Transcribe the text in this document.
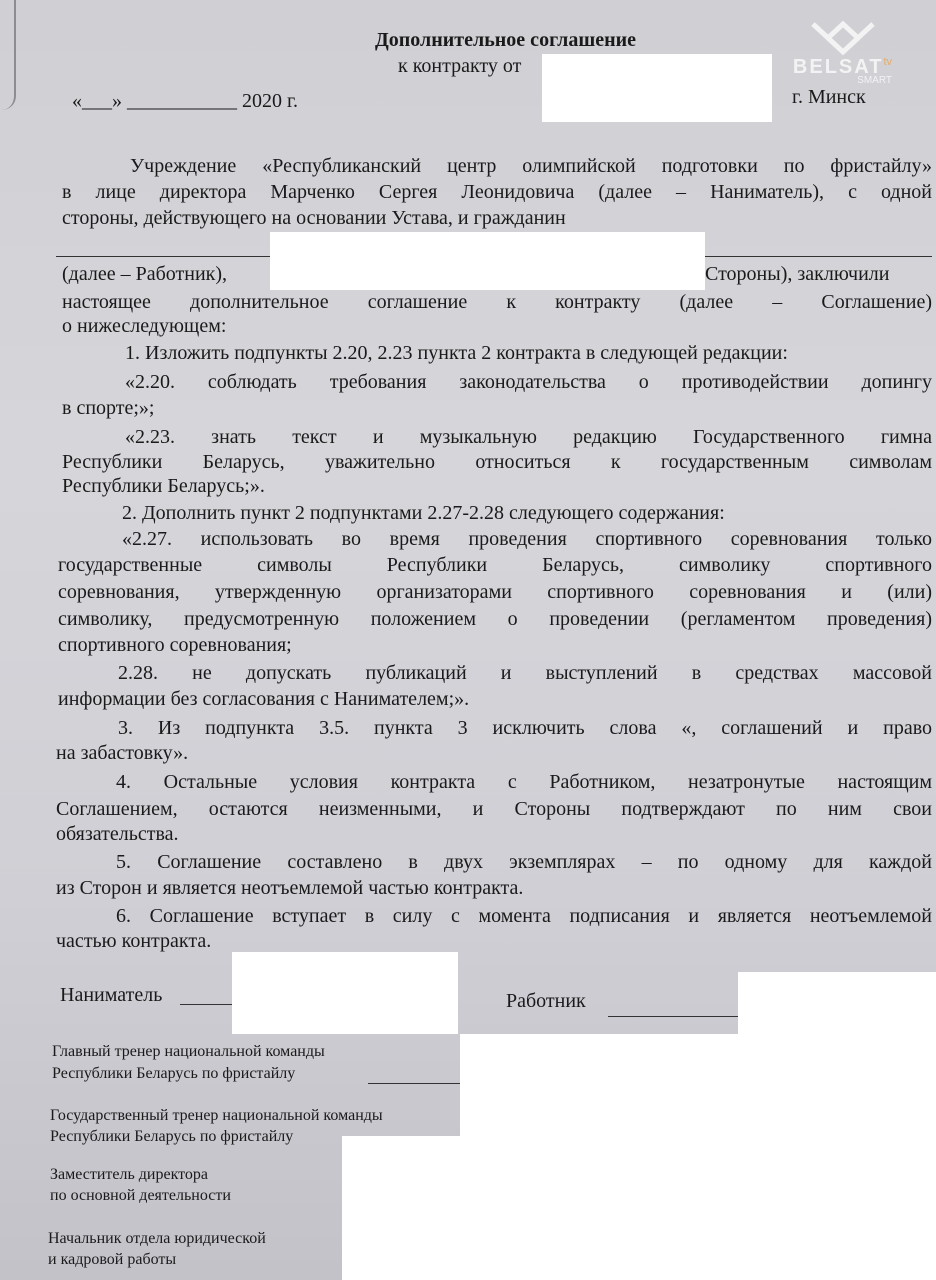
$BELSAT^{tv}$
SMART
Дополнительное соглашение
к контракту от
«___» ___________ 2020 г.	г. Минск
Учреждение «Республиканский центр олимпийской подготовки по фристайлу»
в лице директора Марченко Сергея Леонидовича (далее – Наниматель), с одной
стороны, действующего на основании Устава, и гражданин
(далее – Работник),	Стороны), заключили
настоящее дополнительное соглашение к контракту (далее – Соглашение)
о нижеследующем:
1. Изложить подпункты 2.20, 2.23 пункта 2 контракта в следующей редакции:
«2.20. соблюдать требования законодательства о противодействии допингу
в спорте;»;
«2.23. знать текст и музыкальную редакцию Государственного гимна
Республики Беларусь, уважительно относиться к государственным символам
Республики Беларусь;».
2. Дополнить пункт 2 подпунктами 2.27-2.28 следующего содержания:
«2.27. использовать во время проведения спортивного соревнования только
государственные символы Республики Беларусь, символику спортивного
соревнования, утвержденную организаторами спортивного соревнования и (или)
символику, предусмотренную положением о проведении (регламентом проведения)
спортивного соревнования;
2.28. не допускать публикаций и выступлений в средствах массовой
информации без согласования с Нанимателем;».
3. Из подпункта 3.5. пункта 3 исключить слова «, соглашений и право
на забастовку».
4. Остальные условия контракта с Работником, незатронутые настоящим
Соглашением, остаются неизменными, и Стороны подтверждают по ним свои
обязательства.
5. Соглашение составлено в двух экземплярах – по одному для каждой
из Сторон и является неотъемлемой частью контракта.
6. Соглашение вступает в силу с момента подписания и является неотъемлемой
частью контракта.
Наниматель	Работник
Главный тренер национальной команды
Республики Беларусь по фристайлу
Государственный тренер национальной команды
Республики Беларусь по фристайлу
Заместитель директора
по основной деятельности
Начальник отдела юридической
и кадровой работы
